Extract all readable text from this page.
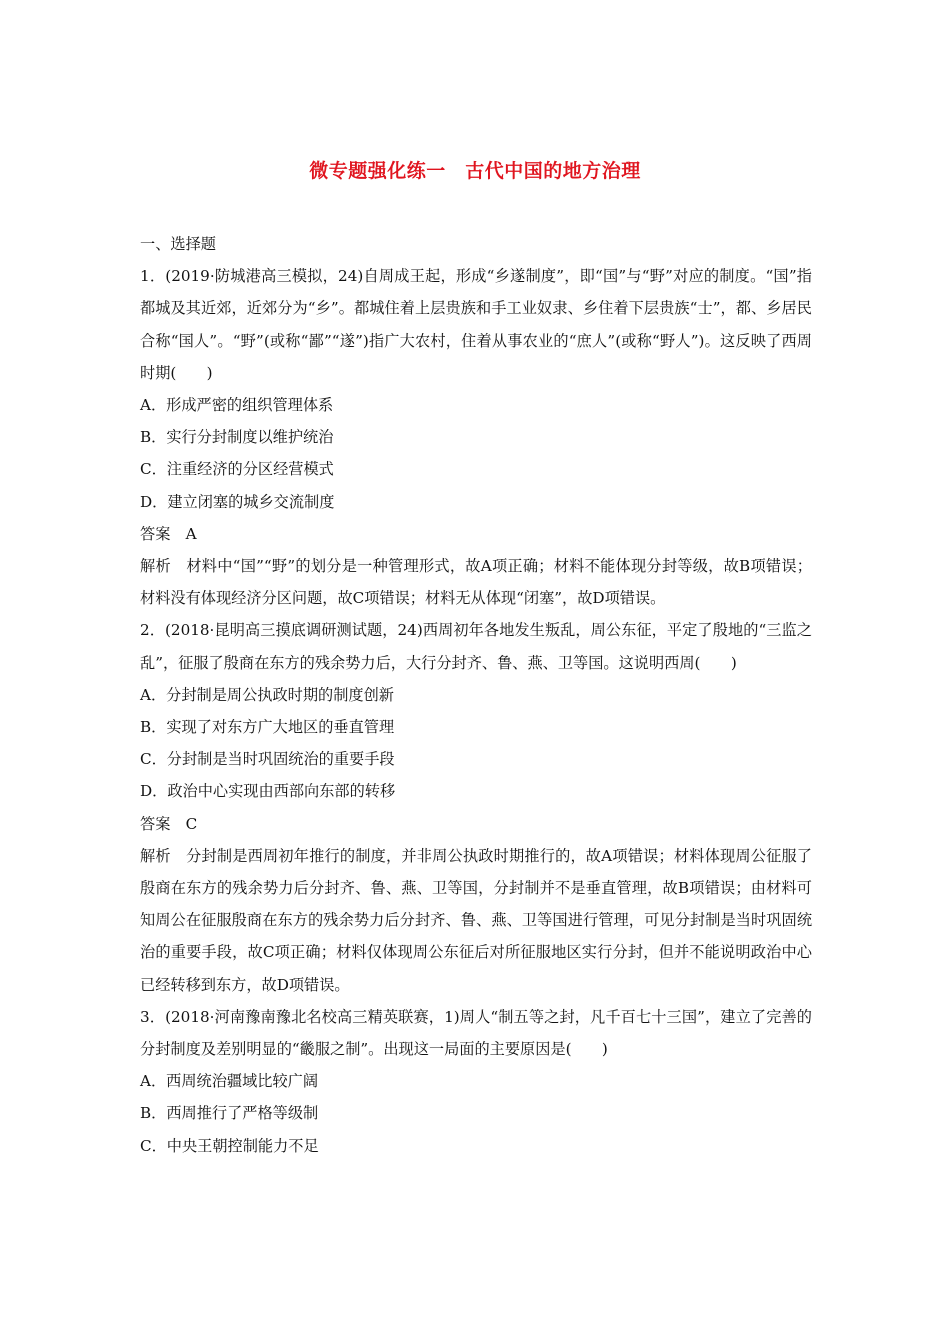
微专题强化练一　古代中国的地方治理

一、选择题

1．(2019·防城港高三模拟，24)自周成王起，形成“乡遂制度”，即“国”与“野”对应的制度。“国”指都城及其近郊，近郊分为“乡”。都城住着上层贵族和手工业奴隶、乡住着下层贵族“士”，都、乡居民合称“国人”。“野”(或称“鄙”“遂”)指广大农村，住着从事农业的“庶人”(或称“野人”)。这反映了西周时期(　　)

A．形成严密的组织管理体系

B．实行分封制度以维护统治

C．注重经济的分区经营模式

D．建立闭塞的城乡交流制度

答案　A

解析　材料中“国”“野”的划分是一种管理形式，故A项正确；材料不能体现分封等级，故B项错误；材料没有体现经济分区问题，故C项错误；材料无从体现“闭塞”，故D项错误。

2．(2018·昆明高三摸底调研测试题，24)西周初年各地发生叛乱，周公东征，平定了殷地的“三监之乱”，征服了殷商在东方的残余势力后，大行分封齐、鲁、燕、卫等国。这说明西周(　　)

A．分封制是周公执政时期的制度创新

B．实现了对东方广大地区的垂直管理

C．分封制是当时巩固统治的重要手段

D．政治中心实现由西部向东部的转移

答案　C

解析　分封制是西周初年推行的制度，并非周公执政时期推行的，故A项错误；材料体现周公征服了殷商在东方的残余势力后分封齐、鲁、燕、卫等国，分封制并不是垂直管理，故B项错误；由材料可知周公在征服殷商在东方的残余势力后分封齐、鲁、燕、卫等国进行管理，可见分封制是当时巩固统治的重要手段，故C项正确；材料仅体现周公东征后对所征服地区实行分封，但并不能说明政治中心已经转移到东方，故D项错误。

3．(2018·河南豫南豫北名校高三精英联赛，1)周人“制五等之封，凡千百七十三国”，建立了完善的分封制度及差别明显的“畿服之制”。出现这一局面的主要原因是(　　)

A．西周统治疆域比较广阔

B．西周推行了严格等级制

C．中央王朝控制能力不足
